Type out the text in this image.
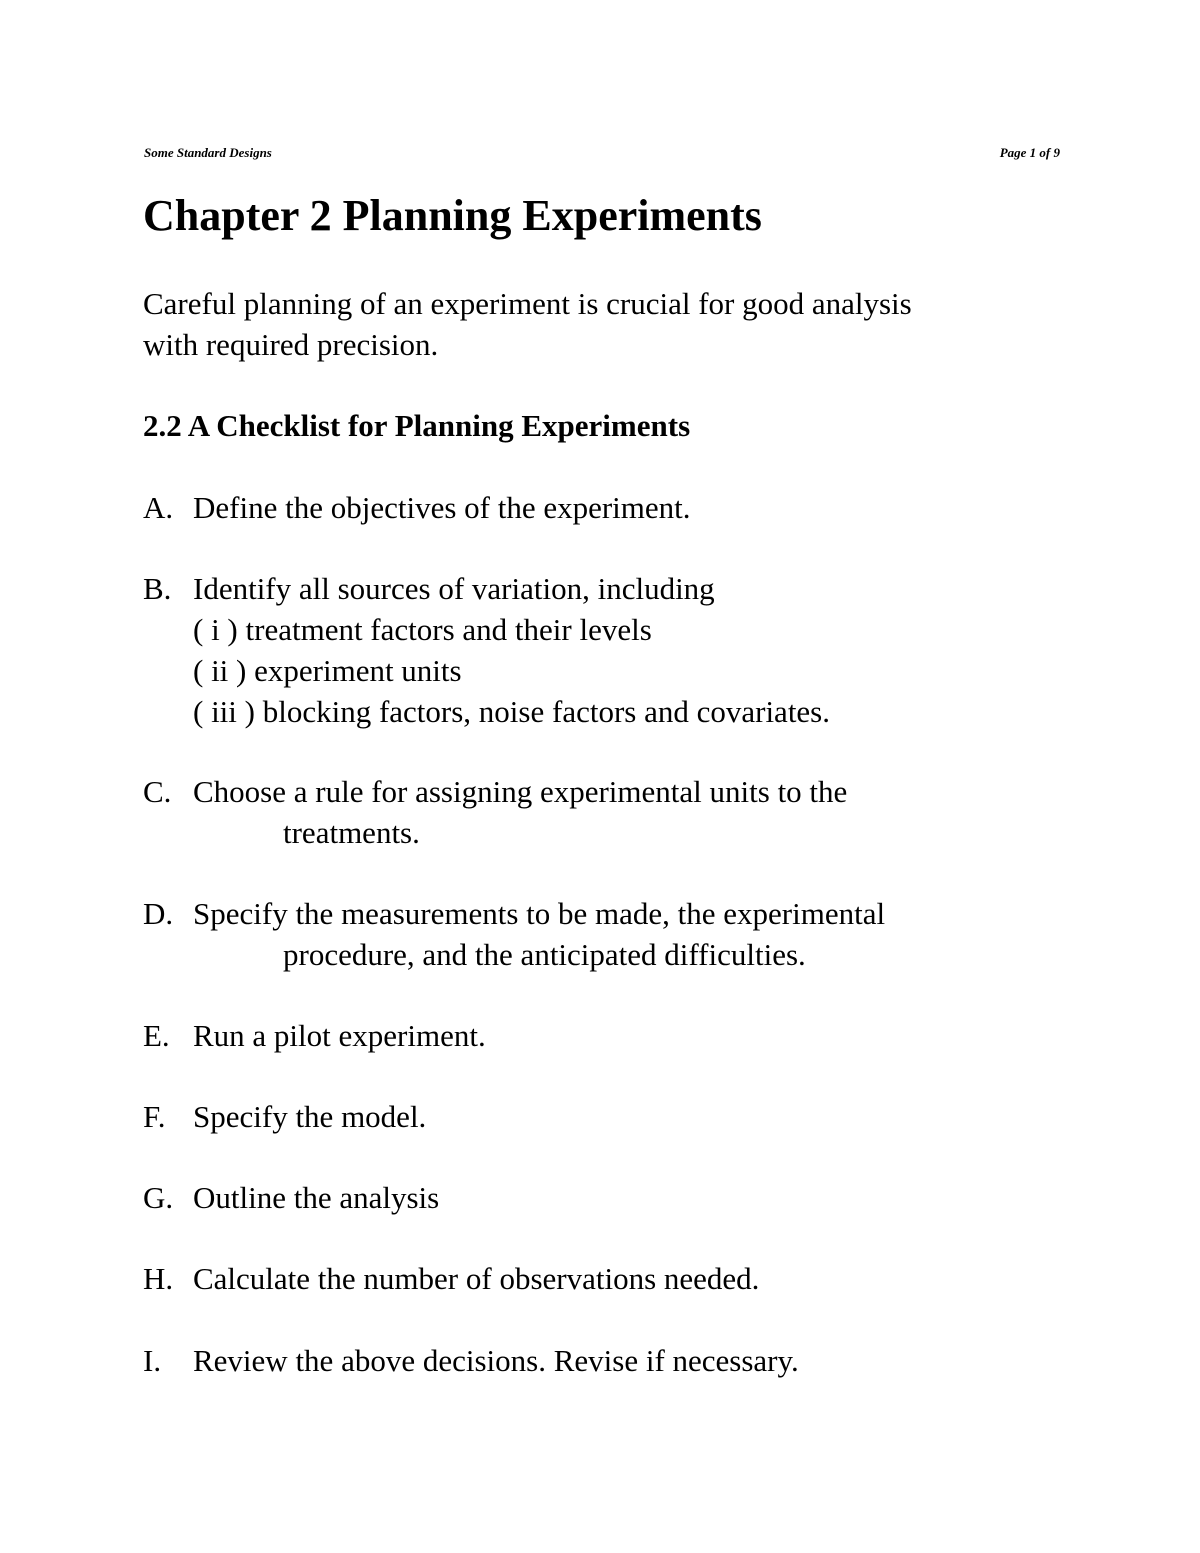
Some Standard Designs	Page 1 of 9
Chapter 2 Planning Experiments

Careful planning of an experiment is crucial for good analysis
with required precision.

2.2 A Checklist for Planning Experiments
A. Define the objectives of the experiment.
B. Identify all sources of variation, including
( i ) treatment factors and their levels
( ii ) experiment units
( iii ) blocking factors, noise factors and covariates.
C. Choose a rule for assigning experimental units to the
treatments.
D. Specify the measurements to be made, the experimental
procedure, and the anticipated difficulties.
E. Run a pilot experiment.
F. Specify the model.
G. Outline the analysis
H. Calculate the number of observations needed.
I. Review the above decisions. Revise if necessary.
